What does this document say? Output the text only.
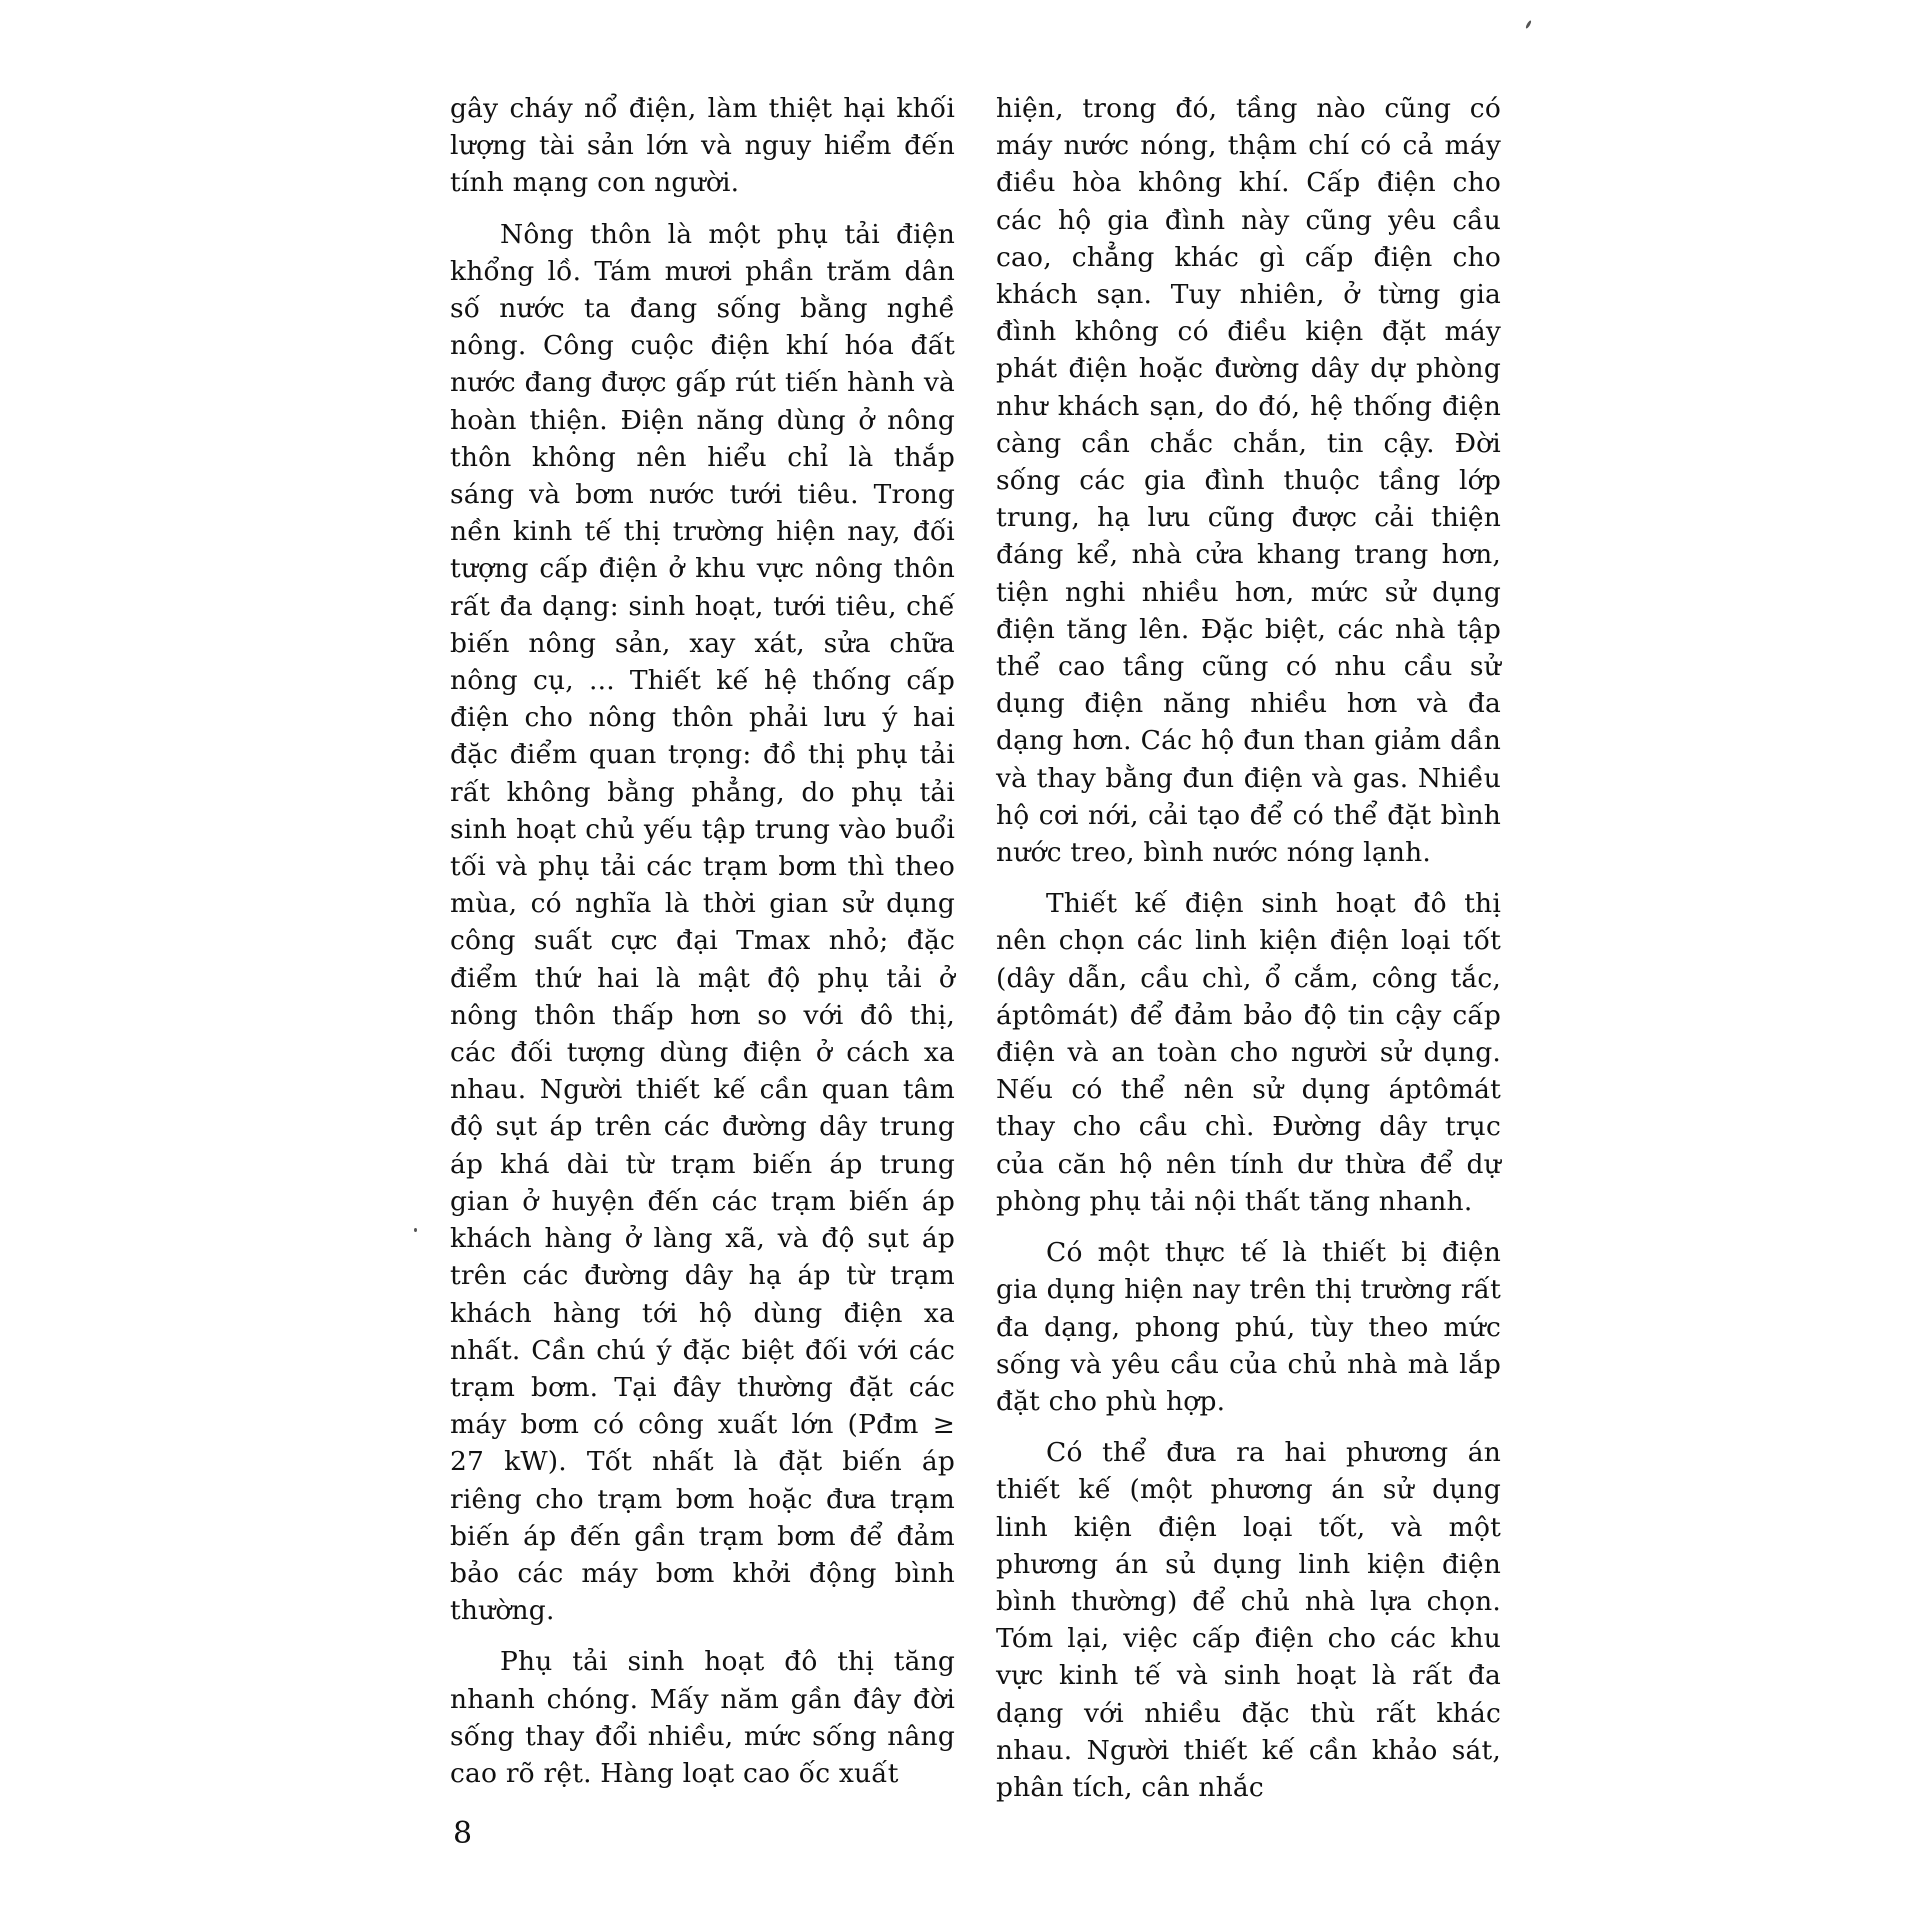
gây cháy nổ điện, làm thiệt hại khối lượng tài sản lớn và nguy hiểm đến tính mạng con người.

Nông thôn là một phụ tải điện khổng lồ. Tám mươi phần trăm dân số nước ta đang sống bằng nghề nông. Công cuộc điện khí hóa đất nước đang được gấp rút tiến hành và hoàn thiện. Điện năng dùng ở nông thôn không nên hiểu chỉ là thắp sáng và bơm nước tưới tiêu. Trong nền kinh tế thị trường hiện nay, đối tượng cấp điện ở khu vực nông thôn rất đa dạng: sinh hoạt, tưới tiêu, chế biến nông sản, xay xát, sửa chữa nông cụ, ... Thiết kế hệ thống cấp điện cho nông thôn phải lưu ý hai đặc điểm quan trọng: đồ thị phụ tải rất không bằng phẳng, do phụ tải sinh hoạt chủ yếu tập trung vào buổi tối và phụ tải các trạm bơm thì theo mùa, có nghĩa là thời gian sử dụng công suất cực đại Tmax nhỏ; đặc điểm thứ hai là mật độ phụ tải ở nông thôn thấp hơn so với đô thị, các đối tượng dùng điện ở cách xa nhau. Người thiết kế cần quan tâm độ sụt áp trên các đường dây trung áp khá dài từ trạm biến áp trung gian ở huyện đến các trạm biến áp khách hàng ở làng xã, và độ sụt áp trên các đường dây hạ áp từ trạm khách hàng tới hộ dùng điện xa nhất. Cần chú ý đặc biệt đối với các trạm bơm. Tại đây thường đặt các máy bơm có công xuất lớn (Pđm ≥ 27 kW). Tốt nhất là đặt biến áp riêng cho trạm bơm hoặc đưa trạm biến áp đến gần trạm bơm để đảm bảo các máy bơm khởi động bình thường.

Phụ tải sinh hoạt đô thị tăng nhanh chóng. Mấy năm gần đây đời sống thay đổi nhiều, mức sống nâng cao rõ rệt. Hàng loạt cao ốc xuất

hiện, trong đó, tầng nào cũng có máy nước nóng, thậm chí có cả máy điều hòa không khí. Cấp điện cho các hộ gia đình này cũng yêu cầu cao, chẳng khác gì cấp điện cho khách sạn. Tuy nhiên, ở từng gia đình không có điều kiện đặt máy phát điện hoặc đường dây dự phòng như khách sạn, do đó, hệ thống điện càng cần chắc chắn, tin cậy. Đời sống các gia đình thuộc tầng lớp trung, hạ lưu cũng được cải thiện đáng kể, nhà cửa khang trang hơn, tiện nghi nhiều hơn, mức sử dụng điện tăng lên. Đặc biệt, các nhà tập thể cao tầng cũng có nhu cầu sử dụng điện năng nhiều hơn và đa dạng hơn. Các hộ đun than giảm dần và thay bằng đun điện và gas. Nhiều hộ cơi nới, cải tạo để có thể đặt bình nước treo, bình nước nóng lạnh.

Thiết kế điện sinh hoạt đô thị nên chọn các linh kiện điện loại tốt (dây dẫn, cầu chì, ổ cắm, công tắc, áptômát) để đảm bảo độ tin cậy cấp điện và an toàn cho người sử dụng. Nếu có thể nên sử dụng áptômát thay cho cầu chì. Đường dây trục của căn hộ nên tính dư thừa để dự phòng phụ tải nội thất tăng nhanh.

Có một thực tế là thiết bị điện gia dụng hiện nay trên thị trường rất đa dạng, phong phú, tùy theo mức sống và yêu cầu của chủ nhà mà lắp đặt cho phù hợp.

Có thể đưa ra hai phương án thiết kế (một phương án sử dụng linh kiện điện loại tốt, và một phương án sủ dụng linh kiện điện bình thường) để chủ nhà lựa chọn. Tóm lại, việc cấp điện cho các khu vực kinh tế và sinh hoạt là rất đa dạng với nhiều đặc thù rất khác nhau. Người thiết kế cần khảo sát, phân tích, cân nhắc

8
